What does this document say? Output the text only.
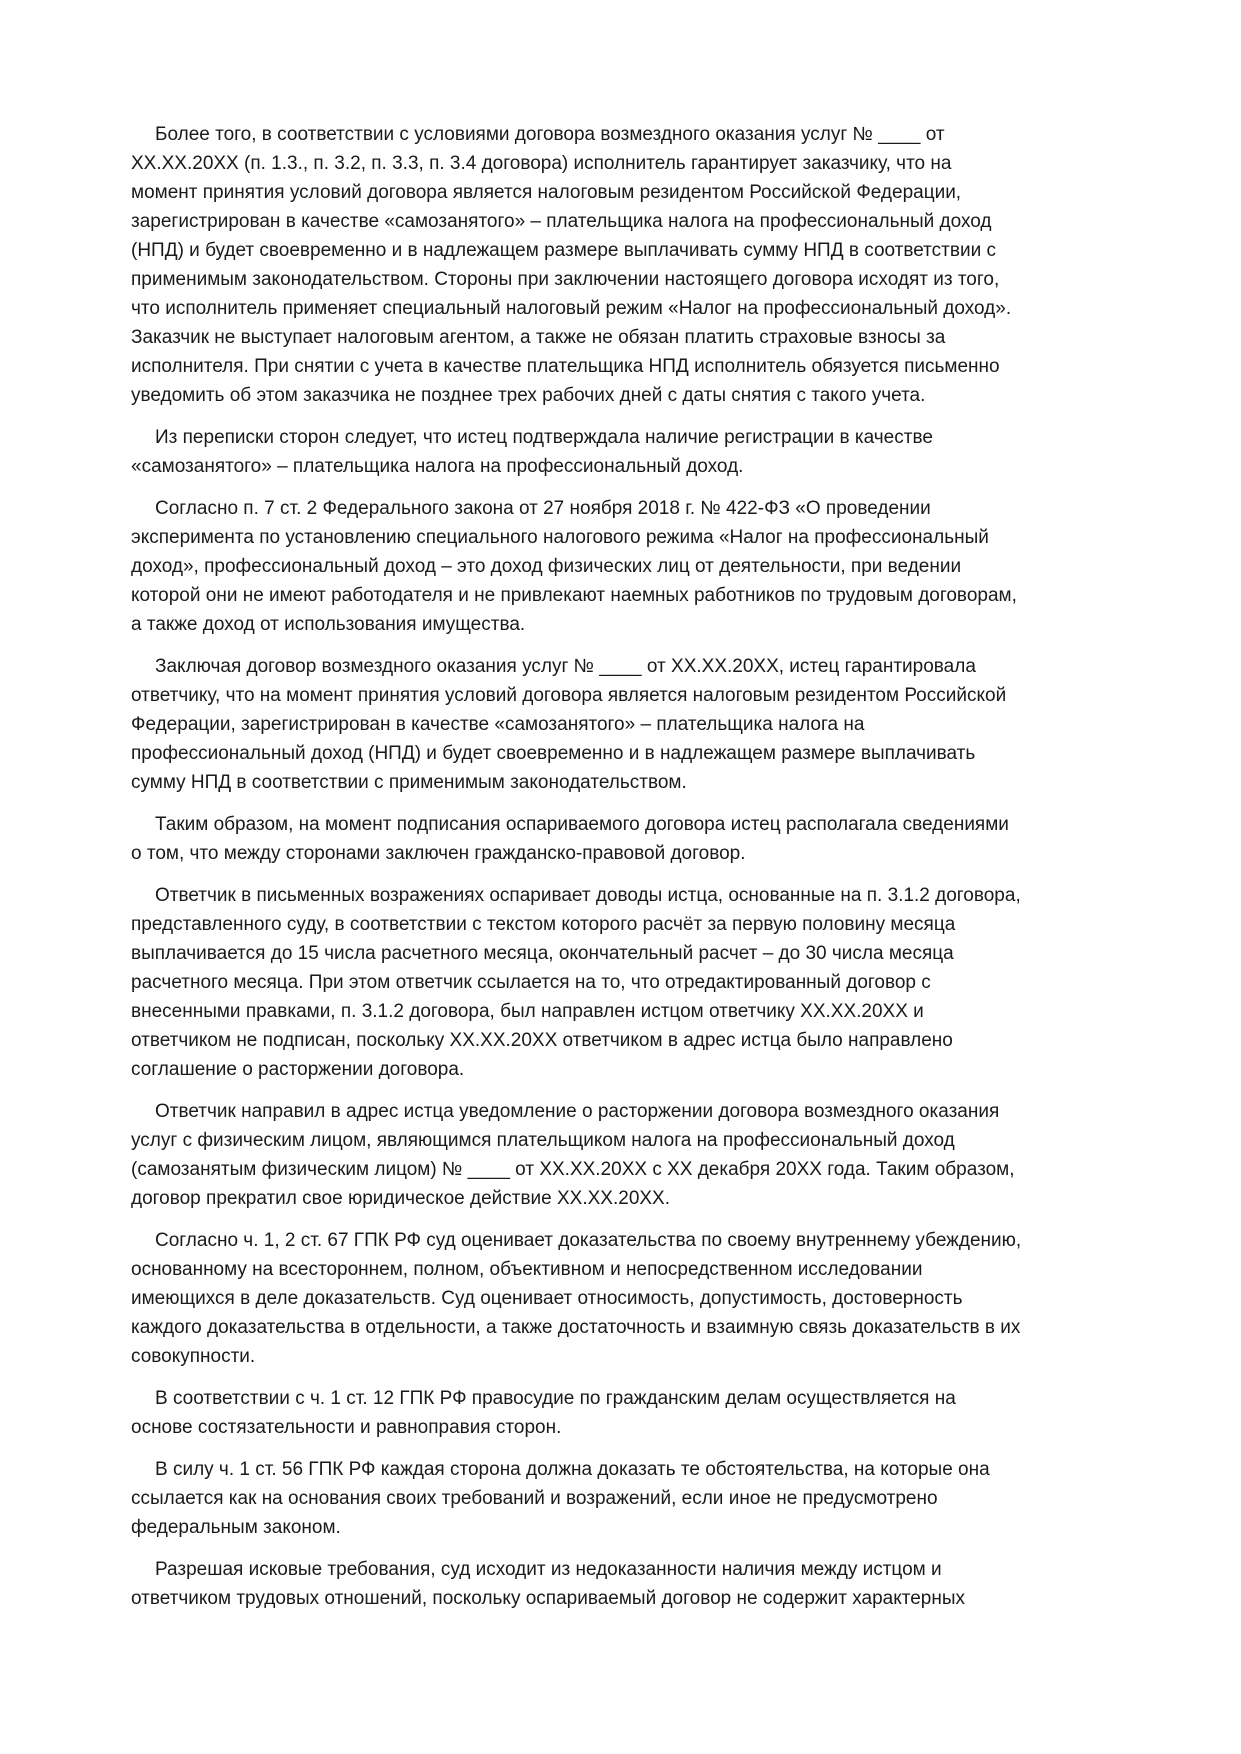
Более того, в соответствии с условиями договора возмездного оказания услуг № ____ от
XX.XX.20XX (п. 1.3., п. 3.2, п. 3.3, п. 3.4 договора) исполнитель гарантирует заказчику, что на
момент принятия условий договора является налоговым резидентом Российской Федерации,
зарегистрирован в качестве «самозанятого» – плательщика налога на профессиональный доход
(НПД) и будет своевременно и в надлежащем размере выплачивать сумму НПД в соответствии с
применимым законодательством. Стороны при заключении настоящего договора исходят из того,
что исполнитель применяет специальный налоговый режим «Налог на профессиональный доход».
Заказчик не выступает налоговым агентом, а также не обязан платить страховые взносы за
исполнителя. При снятии с учета в качестве плательщика НПД исполнитель обязуется письменно
уведомить об этом заказчика не позднее трех рабочих дней с даты снятия с такого учета.
Из переписки сторон следует, что истец подтверждала наличие регистрации в качестве
«самозанятого» – плательщика налога на профессиональный доход.
Согласно п. 7 ст. 2 Федерального закона от 27 ноября 2018 г. № 422-ФЗ «О проведении
эксперимента по установлению специального налогового режима «Налог на профессиональный
доход», профессиональный доход – это доход физических лиц от деятельности, при ведении
которой они не имеют работодателя и не привлекают наемных работников по трудовым договорам,
а также доход от использования имущества.
Заключая договор возмездного оказания услуг № ____ от XX.XX.20XX, истец гарантировала
ответчику, что на момент принятия условий договора является налоговым резидентом Российской
Федерации, зарегистрирован в качестве «самозанятого» – плательщика налога на
профессиональный доход (НПД) и будет своевременно и в надлежащем размере выплачивать
сумму НПД в соответствии с применимым законодательством.
Таким образом, на момент подписания оспариваемого договора истец располагала сведениями
о том, что между сторонами заключен гражданско-правовой договор.
Ответчик в письменных возражениях оспаривает доводы истца, основанные на п. 3.1.2 договора,
представленного суду, в соответствии с текстом которого расчёт за первую половину месяца
выплачивается до 15 числа расчетного месяца, окончательный расчет – до 30 числа месяца
расчетного месяца. При этом ответчик ссылается на то, что отредактированный договор с
внесенными правками, п. 3.1.2 договора, был направлен истцом ответчику XX.XX.20XX и
ответчиком не подписан, поскольку XX.XX.20XX ответчиком в адрес истца было направлено
соглашение о расторжении договора.
Ответчик направил в адрес истца уведомление о расторжении договора возмездного оказания
услуг с физическим лицом, являющимся плательщиком налога на профессиональный доход
(самозанятым физическим лицом) № ____ от XX.XX.20XX с XX декабря 20XX года. Таким образом,
договор прекратил свое юридическое действие XX.XX.20XX.
Согласно ч. 1, 2 ст. 67 ГПК РФ суд оценивает доказательства по своему внутреннему убеждению,
основанному на всестороннем, полном, объективном и непосредственном исследовании
имеющихся в деле доказательств. Суд оценивает относимость, допустимость, достоверность
каждого доказательства в отдельности, а также достаточность и взаимную связь доказательств в их
совокупности.
В соответствии с ч. 1 ст. 12 ГПК РФ правосудие по гражданским делам осуществляется на
основе состязательности и равноправия сторон.
В силу ч. 1 ст. 56 ГПК РФ каждая сторона должна доказать те обстоятельства, на которые она
ссылается как на основания своих требований и возражений, если иное не предусмотрено
федеральным законом.
Разрешая исковые требования, суд исходит из недоказанности наличия между истцом и
ответчиком трудовых отношений, поскольку оспариваемый договор не содержит характерных
